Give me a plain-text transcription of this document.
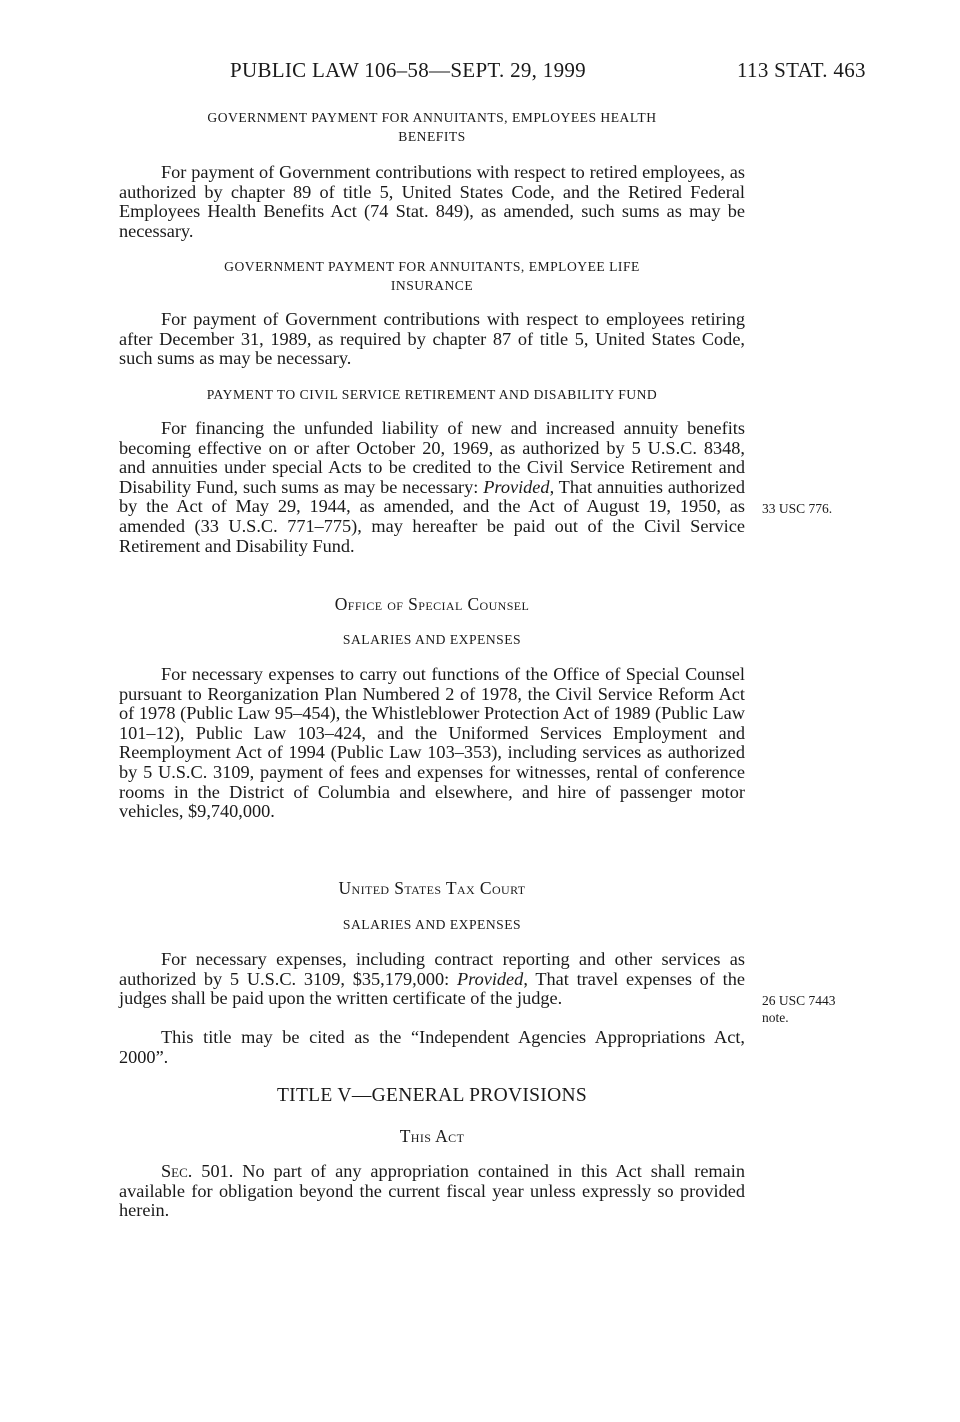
PUBLIC LAW 106–58—SEPT. 29, 1999	113 STAT. 463
GOVERNMENT PAYMENT FOR ANNUITANTS, EMPLOYEES HEALTH
BENEFITS

For payment of Government contributions with respect to retired employees, as authorized by chapter 89 of title 5, United States Code, and the Retired Federal Employees Health Benefits Act (74 Stat. 849), as amended, such sums as may be necessary.

GOVERNMENT PAYMENT FOR ANNUITANTS, EMPLOYEE LIFE
INSURANCE

For payment of Government contributions with respect to employees retiring after December 31, 1989, as required by chapter 87 of title 5, United States Code, such sums as may be necessary.

PAYMENT TO CIVIL SERVICE RETIREMENT AND DISABILITY FUND

For financing the unfunded liability of new and increased annuity benefits becoming effective on or after October 20, 1969, as authorized by 5 U.S.C. 8348, and annuities under special Acts to be credited to the Civil Service Retirement and Disability Fund, such sums as may be necessary: Provided, That annuities authorized by the Act of May 29, 1944, as amended, and the Act of August 19, 1950, as amended (33 U.S.C. 771–775), may hereafter be paid out of the Civil Service Retirement and Disability Fund.

33 USC 776.
Office of Special Counsel
SALARIES AND EXPENSES

For necessary expenses to carry out functions of the Office of Special Counsel pursuant to Reorganization Plan Numbered 2 of 1978, the Civil Service Reform Act of 1978 (Public Law 95–454), the Whistleblower Protection Act of 1989 (Public Law 101–12), Public Law 103–424, and the Uniformed Services Employment and Reemployment Act of 1994 (Public Law 103–353), including services as authorized by 5 U.S.C. 3109, payment of fees and expenses for witnesses, rental of conference rooms in the District of Columbia and elsewhere, and hire of passenger motor vehicles, $9,740,000.

United States Tax Court
SALARIES AND EXPENSES

For necessary expenses, including contract reporting and other services as authorized by 5 U.S.C. 3109, $35,179,000: Provided, That travel expenses of the judges shall be paid upon the written certificate of the judge.	26 USC 7443
note.

This title may be cited as the “Independent Agencies Appropriations Act, 2000”.

TITLE V—GENERAL PROVISIONS
This Act

Sec. 501. No part of any appropriation contained in this Act shall remain available for obligation beyond the current fiscal year unless expressly so provided herein.
